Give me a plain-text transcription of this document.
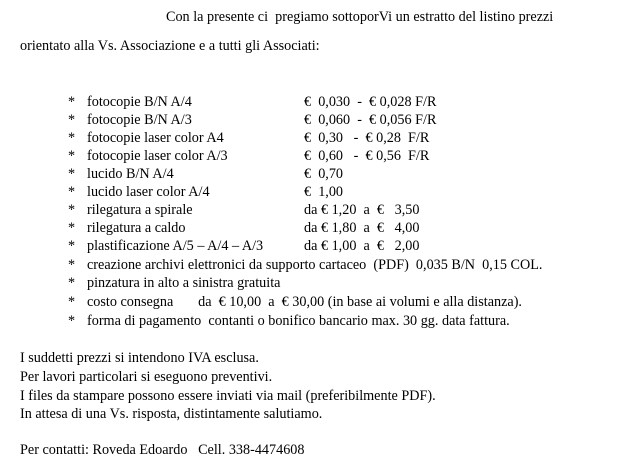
Con la presente ci  pregiamo sottoporVi un estratto del listino prezzi
orientato alla Vs. Associazione e a tutti gli Associati:
* fotocopie B/N A/4	€  0,030  -  € 0,028 F/R
* fotocopie B/N A/3	€  0,060  -  € 0,056 F/R
* fotocopie laser color A4	€  0,30   -  € 0,28  F/R
* fotocopie laser color A/3	€  0,60   -  € 0,56  F/R
* lucido B/N A/4	€  0,70
* lucido laser color A/4	€  1,00
* rilegatura a spirale	da € 1,20  a  €   3,50
* rilegatura a caldo	da € 1,80  a  €   4,00
* plastificazione A/5 – A/4 – A/3	da € 1,00  a  €   2,00
* creazione archivi elettronici da supporto cartaceo  (PDF)  0,035 B/N  0,15 COL.
* pinzatura in alto a sinistra gratuita
* costo consegna       da  € 10,00  a  € 30,00 (in base ai volumi e alla distanza).
* forma di pagamento  contanti o bonifico bancario max. 30 gg. data fattura.
I suddetti prezzi si intendono IVA esclusa.
Per lavori particolari si eseguono preventivi.
I files da stampare possono essere inviati via mail (preferibilmente PDF).
In attesa di una Vs. risposta, distintamente salutiamo.
Per contatti: Roveda Edoardo   Cell. 338-4474608
